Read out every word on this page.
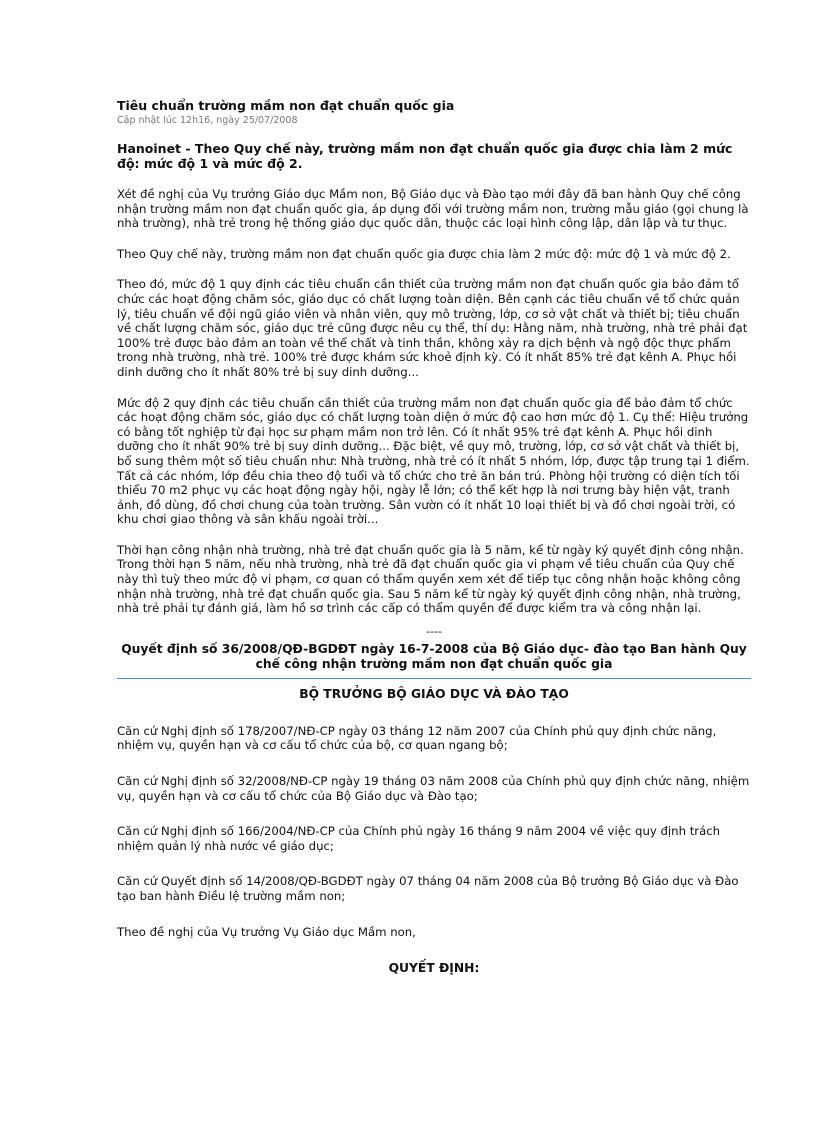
Tiêu chuẩn trường mầm non đạt chuẩn quốc gia
Cập nhật lúc 12h16, ngày 25/07/2008
Hanoinet - Theo Quy chế này, trường mầm non đạt chuẩn quốc gia được chia làm 2 mức độ: mức độ 1 và mức độ 2.

Xét đề nghị của Vụ trưởng Giáo dục Mầm non, Bộ Giáo dục và Đào tạo mới đây đã ban hành Quy chế công nhận trường mầm non đạt chuẩn quốc gia, áp dụng đối với trường mầm non, trường mẫu giáo (gọi chung là nhà trường), nhà trẻ trong hệ thống giáo dục quốc dân, thuộc các loại hình công lập, dân lập và tư thục.

Theo Quy chế này, trường mầm non đạt chuẩn quốc gia được chia làm 2 mức độ: mức độ 1 và mức độ 2.

Theo đó, mức độ 1 quy định các tiêu chuẩn cần thiết của trường mầm non đạt chuẩn quốc gia bảo đảm tổ chức các hoạt động chăm sóc, giáo dục có chất lượng toàn diện. Bên cạnh các tiêu chuẩn về tổ chức quản lý, tiêu chuẩn về đội ngũ giáo viên và nhân viên, quy mô trường, lớp, cơ sở vật chất và thiết bị; tiêu chuẩn về chất lượng chăm sóc, giáo dục trẻ cũng được nêu cụ thể, thí dụ: Hằng năm, nhà trường, nhà trẻ phải đạt 100% trẻ được bảo đảm an toàn về thể chất và tinh thần, không xảy ra dịch bệnh và ngộ độc thực phẩm trong nhà trường, nhà trẻ. 100% trẻ được khám sức khoẻ định kỳ. Có ít nhất 85% trẻ đạt kênh A. Phục hồi dinh dưỡng cho ít nhất 80% trẻ bị suy dinh dưỡng...

Mức độ 2 quy định các tiêu chuẩn cần thiết của trường mầm non đạt chuẩn quốc gia để bảo đảm tổ chức các hoạt động chăm sóc, giáo dục có chất lượng toàn diện ở mức độ cao hơn mức độ 1. Cụ thể: Hiệu trưởng có bằng tốt nghiệp từ đại học sư phạm mầm non trở lên. Có ít nhất 95% trẻ đạt kênh A. Phục hồi dinh dưỡng cho ít nhất 90% trẻ bị suy dinh dưỡng... Đặc biệt, về quy mô, trường, lớp, cơ sở vật chất và thiết bị, bổ sung thêm một số tiêu chuẩn như: Nhà trường, nhà trẻ có ít nhất 5 nhóm, lớp, được tập trung tại 1 điểm. Tất cả các nhóm, lớp đều chia theo độ tuổi và tổ chức cho trẻ ăn bán trú. Phòng hội trường có diện tích tối thiểu 70 m2 phục vụ các hoạt động ngày hội, ngày lễ lớn; có thể kết hợp là nơi trưng bày hiện vật, tranh ảnh, đồ dùng, đồ chơi chung của toàn trường. Sân vườn có ít nhất 10 loại thiết bị và đồ chơi ngoài trời, có khu chơi giao thông và sân khấu ngoài trời...

Thời hạn công nhận nhà trường, nhà trẻ đạt chuẩn quốc gia là 5 năm, kể từ ngày ký quyết định công nhận. Trong thời hạn 5 năm, nếu nhà trường, nhà trẻ đã đạt chuẩn quốc gia vi phạm về tiêu chuẩn của Quy chế này thì tuỳ theo mức độ vi phạm, cơ quan có thẩm quyền xem xét để tiếp tục công nhận hoặc không công nhận nhà trường, nhà trẻ đạt chuẩn quốc gia. Sau 5 năm kể từ ngày ký quyết định công nhận, nhà trường, nhà trẻ phải tự đánh giá, làm hồ sơ trình các cấp có thẩm quyền để được kiểm tra và công nhận lại.

----
Quyết định số 36/2008/QĐ-BGDĐT ngày 16-7-2008 của Bộ Giáo dục- đào tạo Ban hành Quy chế công nhận trường mầm non đạt chuẩn quốc gia
BỘ TRƯỞNG BỘ GIÁO DỤC VÀ ĐÀO TẠO

Căn cứ Nghị định số 178/2007/NĐ-CP ngày 03 tháng 12 năm 2007 của Chính phủ quy định chức năng, nhiệm vụ, quyền hạn và cơ cấu tổ chức của bộ, cơ quan ngang bộ;

Căn cứ Nghị định số 32/2008/NĐ-CP ngày 19 tháng 03 năm 2008 của Chính phủ quy định chức năng, nhiệm vụ, quyền hạn và cơ cấu tổ chức của Bộ Giáo dục và Đào tạo;

Căn cứ Nghị định số 166/2004/NĐ-CP của Chính phủ ngày 16 tháng 9 năm 2004 về việc quy định trách nhiệm quản lý nhà nước về giáo dục;

Căn cứ Quyết định số 14/2008/QĐ-BGDĐT ngày 07 tháng 04 năm 2008 của Bộ trưởng Bộ Giáo dục và Đào tạo ban hành Điều lệ trường mầm non;

Theo đề nghị của Vụ trưởng Vụ Giáo dục Mầm non,

QUYẾT ĐỊNH:
